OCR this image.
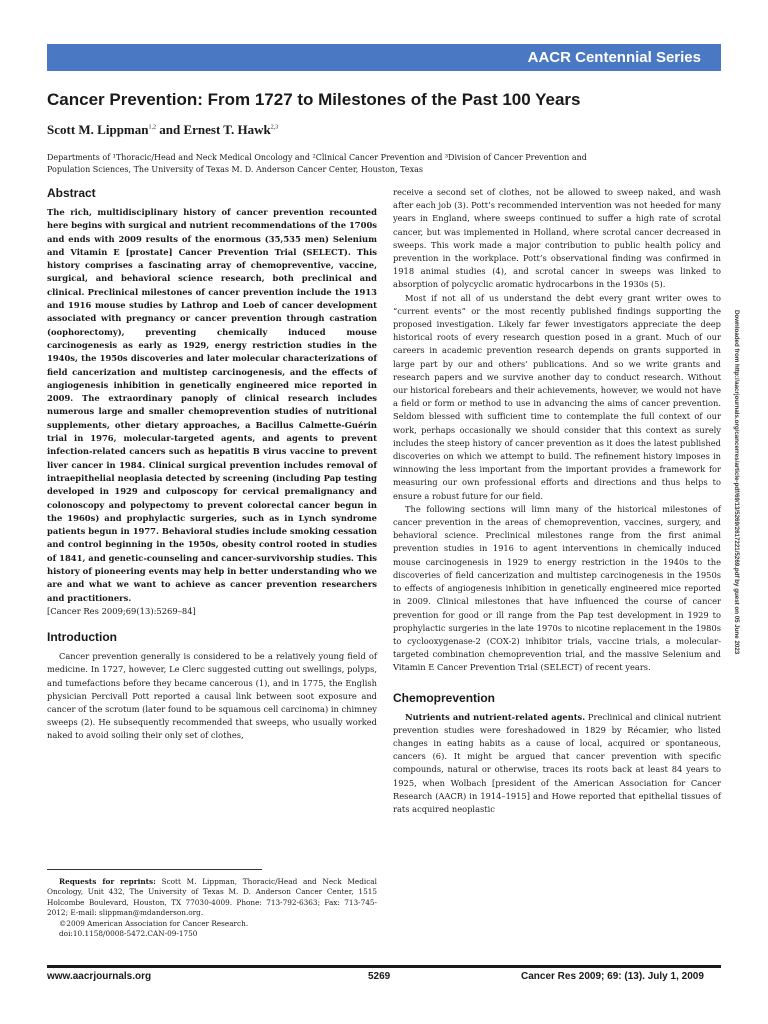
AACR Centennial Series
Cancer Prevention: From 1727 to Milestones of the Past 100 Years
Scott M. Lippman$^{1,2}$ and Ernest T. Hawk$^{2,3}$
Departments of ¹Thoracic/Head and Neck Medical Oncology and ²Clinical Cancer Prevention and ³Division of Cancer Prevention and Population Sciences, The University of Texas M. D. Anderson Cancer Center, Houston, Texas
Abstract

The rich, multidisciplinary history of cancer prevention recounted here begins with surgical and nutrient recommendations of the 1700s and ends with 2009 results of the enormous (35,535 men) Selenium and Vitamin E [prostate] Cancer Prevention Trial (SELECT). This history comprises a fascinating array of chemopreventive, vaccine, surgical, and behavioral science research, both preclinical and clinical. Preclinical milestones of cancer prevention include the 1913 and 1916 mouse studies by Lathrop and Loeb of cancer development associated with pregnancy or cancer prevention through castration (oophorectomy), preventing chemically induced mouse carcinogenesis as early as 1929, energy restriction studies in the 1940s, the 1950s discoveries and later molecular characterizations of field cancerization and multistep carcinogenesis, and the effects of angiogenesis inhibition in genetically engineered mice reported in 2009. The extraordinary panoply of clinical research includes numerous large and smaller chemoprevention studies of nutritional supplements, other dietary approaches, a Bacillus Calmette-Guérin trial in 1976, molecular-targeted agents, and agents to prevent infection-related cancers such as hepatitis B virus vaccine to prevent liver cancer in 1984. Clinical surgical prevention includes removal of intraepithelial neoplasia detected by screening (including Pap testing developed in 1929 and culposcopy for cervical premalignancy and colonoscopy and polypectomy to prevent colorectal cancer begun in the 1960s) and prophylactic surgeries, such as in Lynch syndrome patients begun in 1977. Behavioral studies include smoking cessation and control beginning in the 1950s, obesity control rooted in studies of 1841, and genetic-counseling and cancer-survivorship studies. This history of pioneering events may help in better understanding who we are and what we want to achieve as cancer prevention researchers and practitioners.
[Cancer Res 2009;69(13):5269–84]

Introduction

Cancer prevention generally is considered to be a relatively young field of medicine. In 1727, however, Le Clerc suggested cutting out swellings, polyps, and tumefactions before they became cancerous (1), and in 1775, the English physician Percivall Pott reported a causal link between soot exposure and cancer of the scrotum (later found to be squamous cell carcinoma) in chimney sweeps (2). He subsequently recommended that sweeps, who usually worked naked to avoid soiling their only set of clothes,

Requests for reprints: Scott M. Lippman, Thoracic/Head and Neck Medical Oncology, Unit 432, The University of Texas M. D. Anderson Cancer Center, 1515 Holcombe Boulevard, Houston, TX 77030-4009. Phone: 713-792-6363; Fax: 713-745-2012; E-mail: slippman@mdanderson.org.

©2009 American Association for Cancer Research.

doi:10.1158/0008-5472.CAN-09-1750

receive a second set of clothes, not be allowed to sweep naked, and wash after each job (3). Pott’s recommended intervention was not heeded for many years in England, where sweeps continued to suffer a high rate of scrotal cancer, but was implemented in Holland, where scrotal cancer decreased in sweeps. This work made a major contribution to public health policy and prevention in the workplace. Pott’s observational finding was confirmed in 1918 animal studies (4), and scrotal cancer in sweeps was linked to absorption of polycyclic aromatic hydrocarbons in the 1930s (5).

Most if not all of us understand the debt every grant writer owes to “current events” or the most recently published findings supporting the proposed investigation. Likely far fewer investigators appreciate the deep historical roots of every research question posed in a grant. Much of our careers in academic prevention research depends on grants supported in large part by our and others’ publications. And so we write grants and research papers and we survive another day to conduct research. Without our historical forebears and their achievements, however, we would not have a field or form or method to use in advancing the aims of cancer prevention. Seldom blessed with sufficient time to contemplate the full context of our work, perhaps occasionally we should consider that this context as surely includes the steep history of cancer prevention as it does the latest published discoveries on which we attempt to build. The refinement history imposes in winnowing the less important from the important provides a framework for measuring our own professional efforts and directions and thus helps to ensure a robust future for our field.

The following sections will limn many of the historical milestones of cancer prevention in the areas of chemoprevention, vaccines, surgery, and behavioral science. Preclinical milestones range from the first animal prevention studies in 1916 to agent interventions in chemically induced mouse carcinogenesis in 1929 to energy restriction in the 1940s to the discoveries of field cancerization and multistep carcinogenesis in the 1950s to effects of angiogenesis inhibition in genetically engineered mice reported in 2009. Clinical milestones that have influenced the course of cancer prevention for good or ill range from the Pap test development in 1929 to prophylactic surgeries in the late 1970s to nicotine replacement in the 1980s to cyclooxygenase-2 (COX-2) inhibitor trials, vaccine trials, a molecular-targeted combination chemoprevention trial, and the massive Selenium and Vitamin E Cancer Prevention Trial (SELECT) of recent years.

Chemoprevention

Nutrients and nutrient-related agents. Preclinical and clinical nutrient prevention studies were foreshadowed in 1829 by Récamier, who listed changes in eating habits as a cause of local, acquired or spontaneous, cancers (6). It might be argued that cancer prevention with specific compounds, natural or otherwise, traces its roots back at least 84 years to 1925, when Wolbach [president of the American Association for Cancer Research (AACR) in 1914–1915] and Howe reported that epithelial tissues of rats acquired neoplastic

Downloaded from http://aacrjournals.org/cancerres/article-pdf/69/13/5269/2617221/5269.pdf by guest on 05 June 2023
www.aacrjournals.org	5269	Cancer Res 2009; 69: (13). July 1, 2009
